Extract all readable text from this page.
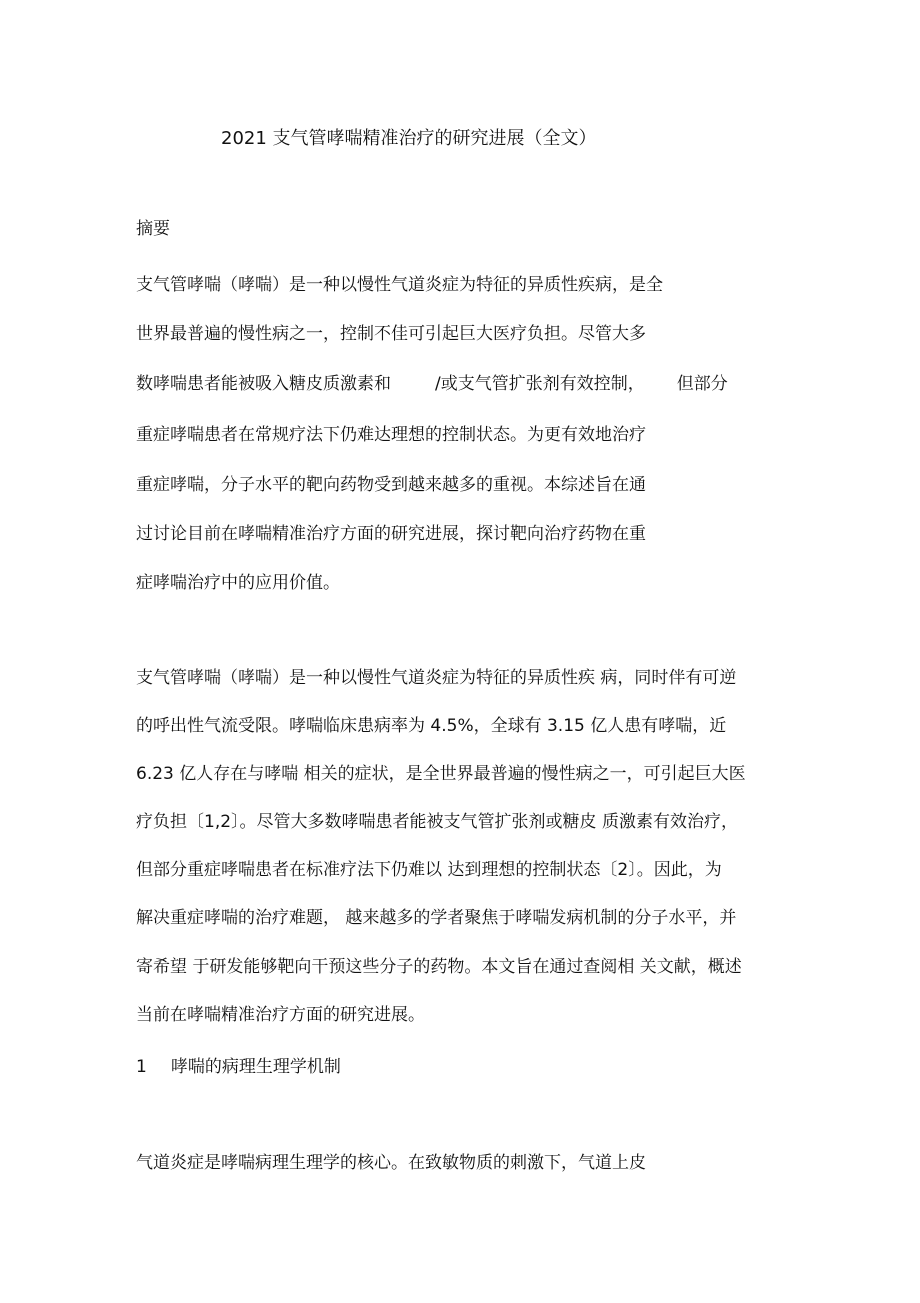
2021 支气管哮喘精准治疗的研究进展（全文）
摘要
支气管哮喘（哮喘）是一种以慢性气道炎症为特征的异质性疾病，是全
世界最普遍的慢性病之一，控制不佳可引起巨大医疗负担。尽管大多
数哮喘患者能被吸入糖皮质激素和	/或支气管扩张剂有效控制， 但部分
重症哮喘患者在常规疗法下仍难达理想的控制状态。为更有效地治疗
重症哮喘，分子水平的靶向药物受到越来越多的重视。本综述旨在通
过讨论目前在哮喘精准治疗方面的研究进展，探讨靶向治疗药物在重
症哮喘治疗中的应用价值。
支气管哮喘（哮喘）是一种以慢性气道炎症为特征的异质性疾 病，同时伴有可逆
的呼出性气流受限。哮喘临床患病率为 4.5%，全球有 3.15 亿人患有哮喘，近
6.23 亿人存在与哮喘 相关的症状，是全世界最普遍的慢性病之一，可引起巨大医
疗负担〔1,2〕。尽管大多数哮喘患者能被支气管扩张剂或糖皮 质激素有效治疗，
但部分重症哮喘患者在标准疗法下仍难以 达到理想的控制状态〔2〕。因此，为
解决重症哮喘的治疗难题， 越来越多的学者聚焦于哮喘发病机制的分子水平，并
寄希望 于研发能够靶向干预这些分子的药物。本文旨在通过查阅相 关文献，概述
当前在哮喘精准治疗方面的研究进展。
1 哮喘的病理生理学机制
气道炎症是哮喘病理生理学的核心。在致敏物质的刺激下，气道上皮
